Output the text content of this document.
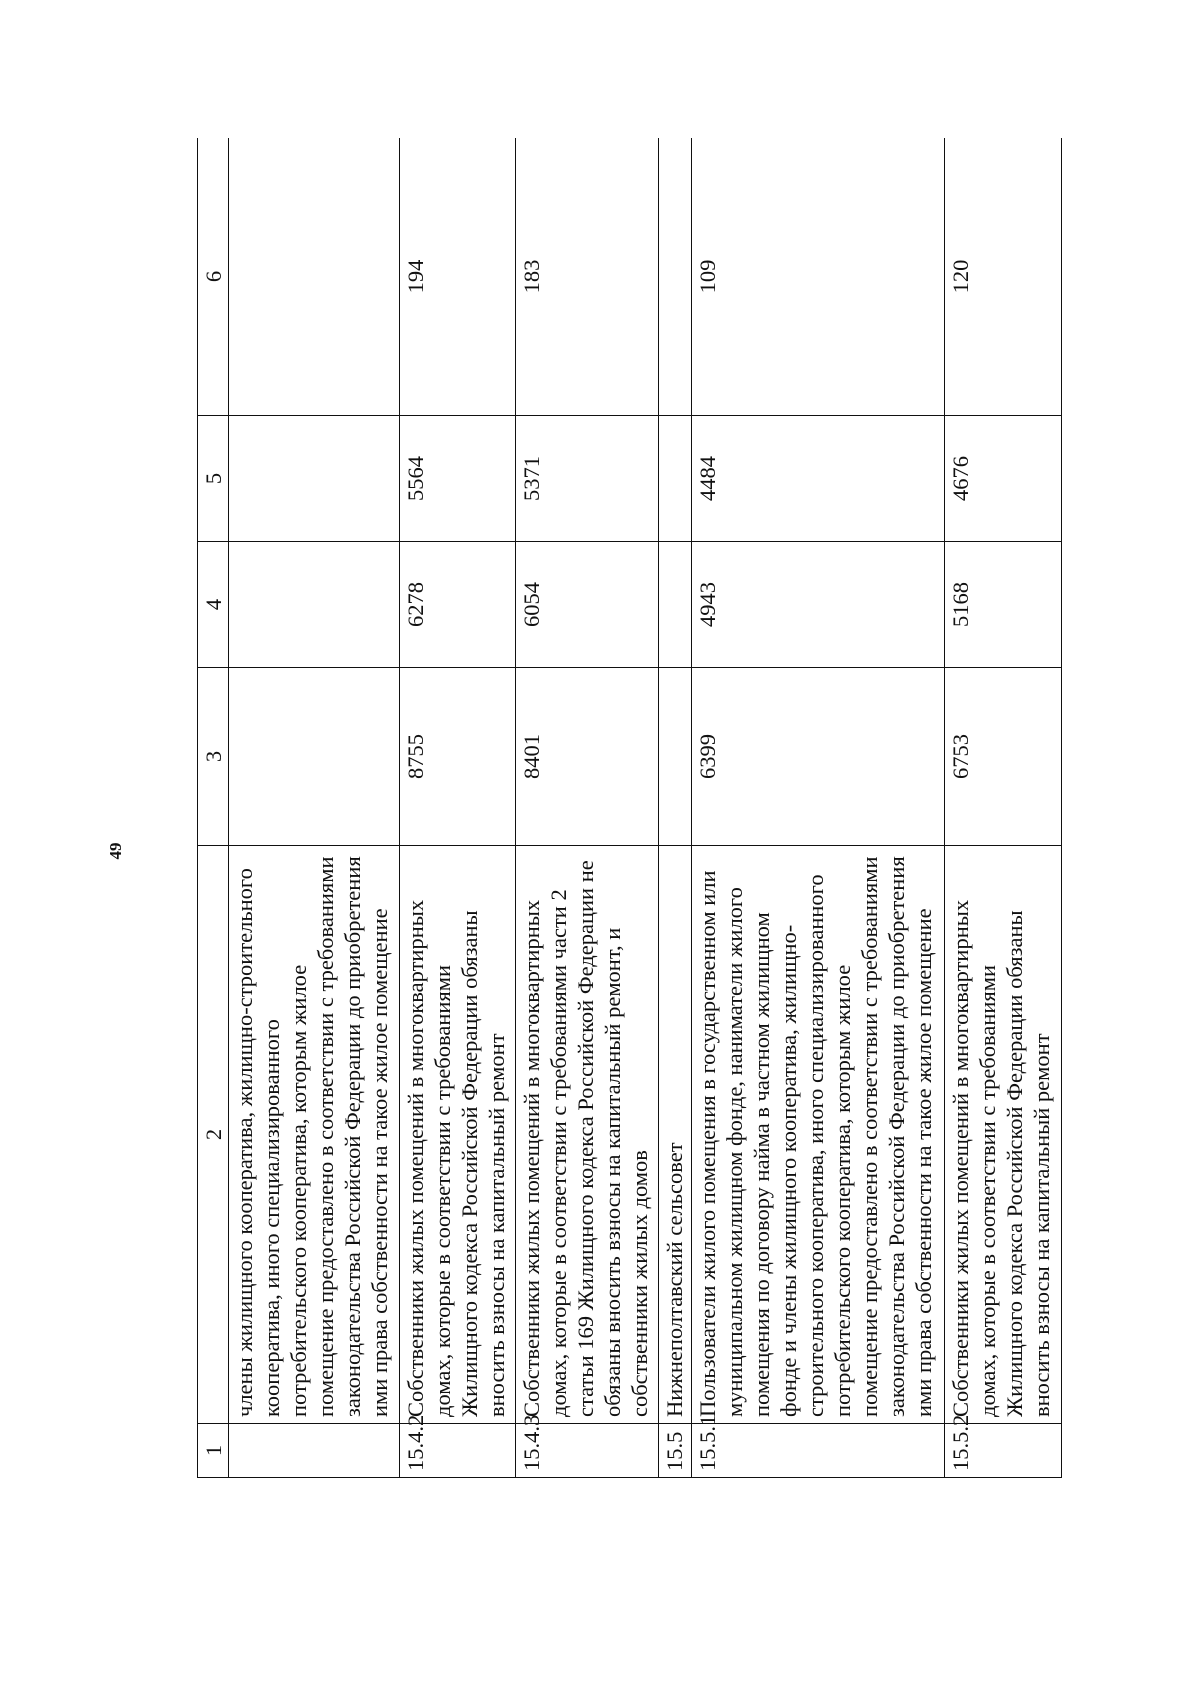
49
1	2	3	4	5	6
	члены жилищного кооператива, жилищно-строительного кооператива, иного специализированного потребительского кооператива, которым жилое помещение предоставлено в соответствии с требованиями законодательства Российской Федерации до приобретения ими права собственности на такое жилое помещение				
15.4.2	Собственники жилых помещений в многоквартирных домах, которые в соответствии с требованиями Жилищного кодекса Российской Федерации обязаны вносить взносы на капитальный ремонт	8755	6278	5564	194
15.4.3	Собственники жилых помещений в многоквартирных домах, которые в соответствии с требованиями части 2 статьи 169 Жилищного кодекса Российской Федерации не обязаны вносить взносы на капитальный ремонт, и собственники жилых домов	8401	6054	5371	183
15.5	Нижнеполтавский сельсовет				
15.5.1	Пользователи жилого помещения в государственном или муниципальном жилищном фонде, наниматели жилого помещения по договору найма в частном жилищном фонде и члены жилищного кооператива, жилищно-строительного кооператива, иного специализированного потребительского кооператива, которым жилое помещение предоставлено в соответствии с требованиями законодательства Российской Федерации до приобретения ими права собственности на такое жилое помещение	6399	4943	4484	109
15.5.2	Собственники жилых помещений в многоквартирных домах, которые в соответствии с требованиями Жилищного кодекса Российской Федерации обязаны вносить взносы на капитальный ремонт	6753	5168	4676	120
